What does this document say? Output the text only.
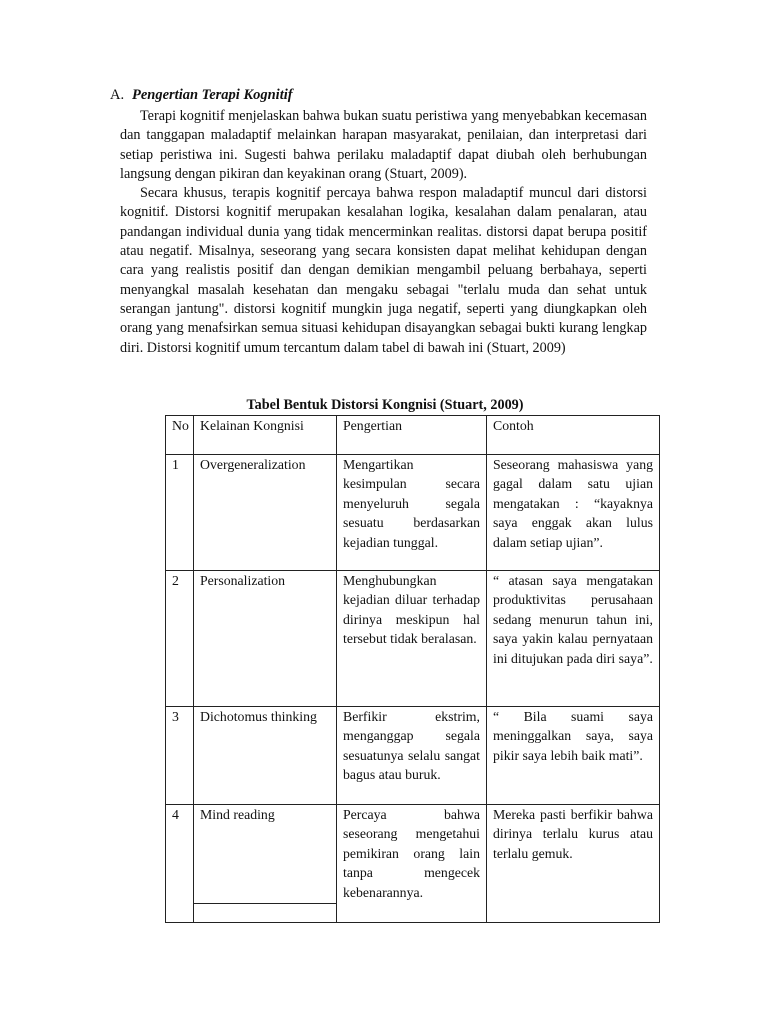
A. Pengertian Terapi Kognitif

Terapi kognitif menjelaskan bahwa bukan suatu peristiwa yang menyebabkan kecemasan dan tanggapan maladaptif melainkan harapan masyarakat, penilaian, dan interpretasi dari setiap peristiwa ini. Sugesti bahwa perilaku maladaptif dapat diubah oleh berhubungan langsung dengan pikiran dan keyakinan orang (Stuart, 2009).

Secara khusus, terapis kognitif percaya bahwa respon maladaptif muncul dari distorsi kognitif. Distorsi kognitif merupakan kesalahan logika, kesalahan dalam penalaran, atau pandangan individual dunia yang tidak mencerminkan realitas. distorsi dapat berupa positif atau negatif. Misalnya, seseorang yang secara konsisten dapat melihat kehidupan dengan cara yang realistis positif dan dengan demikian mengambil peluang berbahaya, seperti menyangkal masalah kesehatan dan mengaku sebagai "terlalu muda dan sehat untuk serangan jantung". distorsi kognitif mungkin juga negatif, seperti yang diungkapkan oleh orang yang menafsirkan semua situasi kehidupan disayangkan sebagai bukti kurang lengkap diri. Distorsi kognitif umum tercantum dalam tabel di bawah ini (Stuart, 2009)

Tabel Bentuk Distorsi Kongnisi (Stuart, 2009)
No	Kelainan Kongnisi	Pengertian	Contoh
1	Overgeneralization	Mengartikan kesimpulan secara menyeluruh segala sesuatu berdasarkan kejadian tunggal.	Seseorang mahasiswa yang gagal dalam satu ujian mengatakan : “kayaknya saya enggak akan lulus dalam setiap ujian”.
2	Personalization	Menghubungkan kejadian diluar terhadap dirinya meskipun hal tersebut tidak beralasan.	“ atasan saya mengatakan produktivitas perusahaan sedang menurun tahun ini, saya yakin kalau pernyataan ini ditujukan pada diri saya”.
3	Dichotomus thinking	Berfikir ekstrim, menganggap segala sesuatunya selalu sangat bagus atau buruk.	“ Bila suami saya meninggalkan saya, saya pikir saya lebih baik mati”.
4	Mind reading	Percaya bahwa seseorang mengetahui pemikiran orang lain tanpa mengecek kebenarannya.	Mereka pasti berfikir bahwa dirinya terlalu kurus atau terlalu gemuk.
